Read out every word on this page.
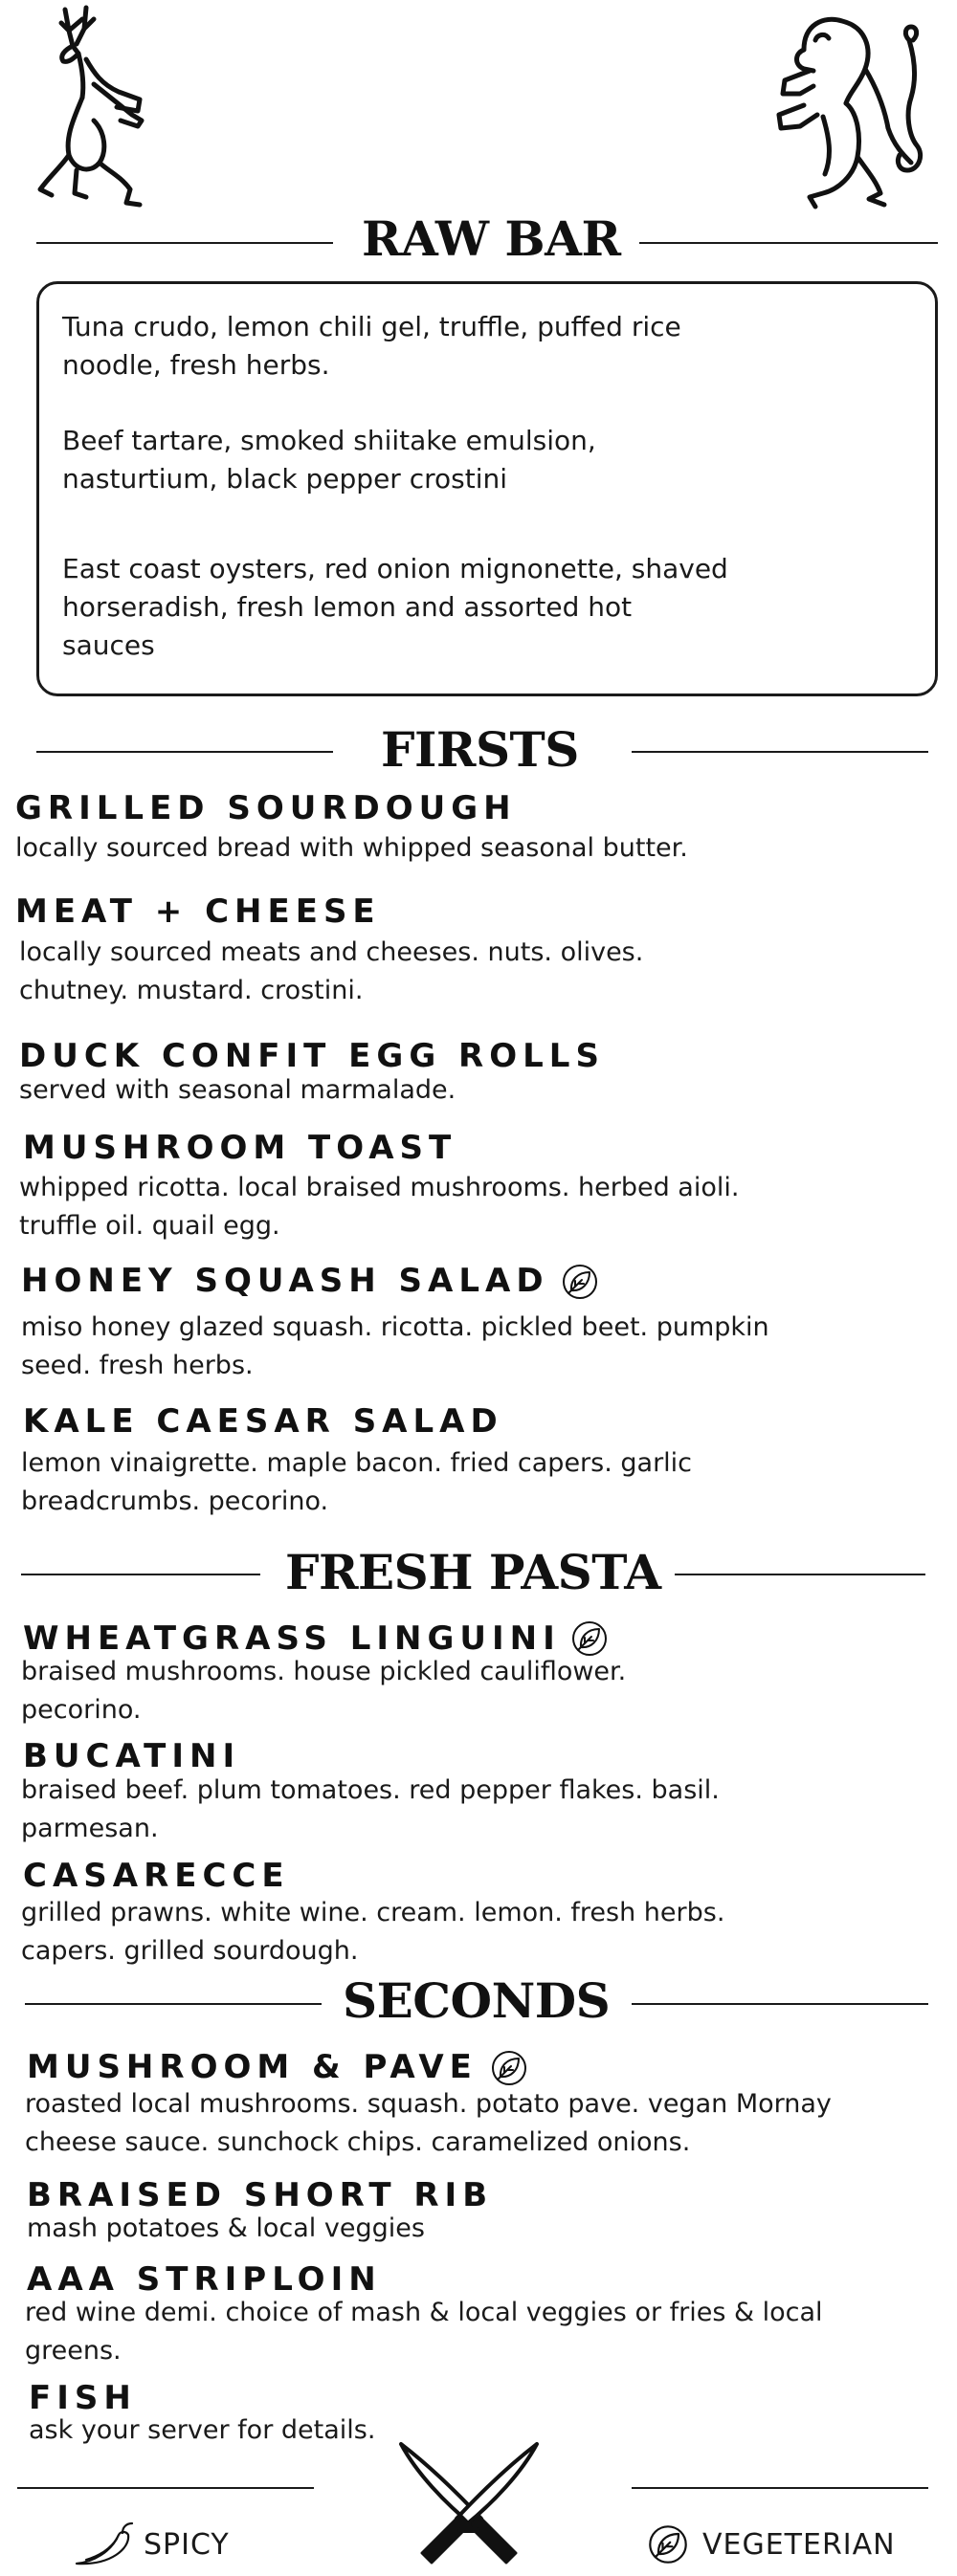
RAW BAR
Tuna crudo, lemon chili gel, truffle, puffed rice noodle, fresh herbs.
Beef tartare, smoked shiitake emulsion, nasturtium, black pepper crostini
East coast oysters, red onion mignonette, shaved horseradish, fresh lemon and assorted hot sauces
FIRSTS
GRILLED SOURDOUGH
locally sourced bread with whipped seasonal butter.
MEAT + CHEESE
locally sourced meats and cheeses. nuts. olives. chutney. mustard. crostini.
DUCK CONFIT EGG ROLLS
served with seasonal marmalade.
MUSHROOM TOAST
whipped ricotta. local braised mushrooms. herbed aioli. truffle oil. quail egg.
HONEY SQUASH SALAD
miso honey glazed squash. ricotta. pickled beet. pumpkin seed. fresh herbs.
KALE CAESAR SALAD
lemon vinaigrette. maple bacon. fried capers. garlic breadcrumbs. pecorino.
FRESH PASTA
WHEATGRASS LINGUINI
braised mushrooms. house pickled cauliflower. pecorino.
BUCATINI
braised beef. plum tomatoes. red pepper flakes. basil. parmesan.
CASARECCE
grilled prawns. white wine. cream. lemon. fresh herbs. capers. grilled sourdough.
SECONDS
MUSHROOM & PAVE
roasted local mushrooms. squash. potato pave. vegan Mornay cheese sauce. sunchock chips. caramelized onions.
BRAISED SHORT RIB
mash potatoes & local veggies
AAA STRIPLOIN
red wine demi. choice of mash & local veggies or fries & local greens.
FISH
ask your server for details.
SPICY	VEGETERIAN
